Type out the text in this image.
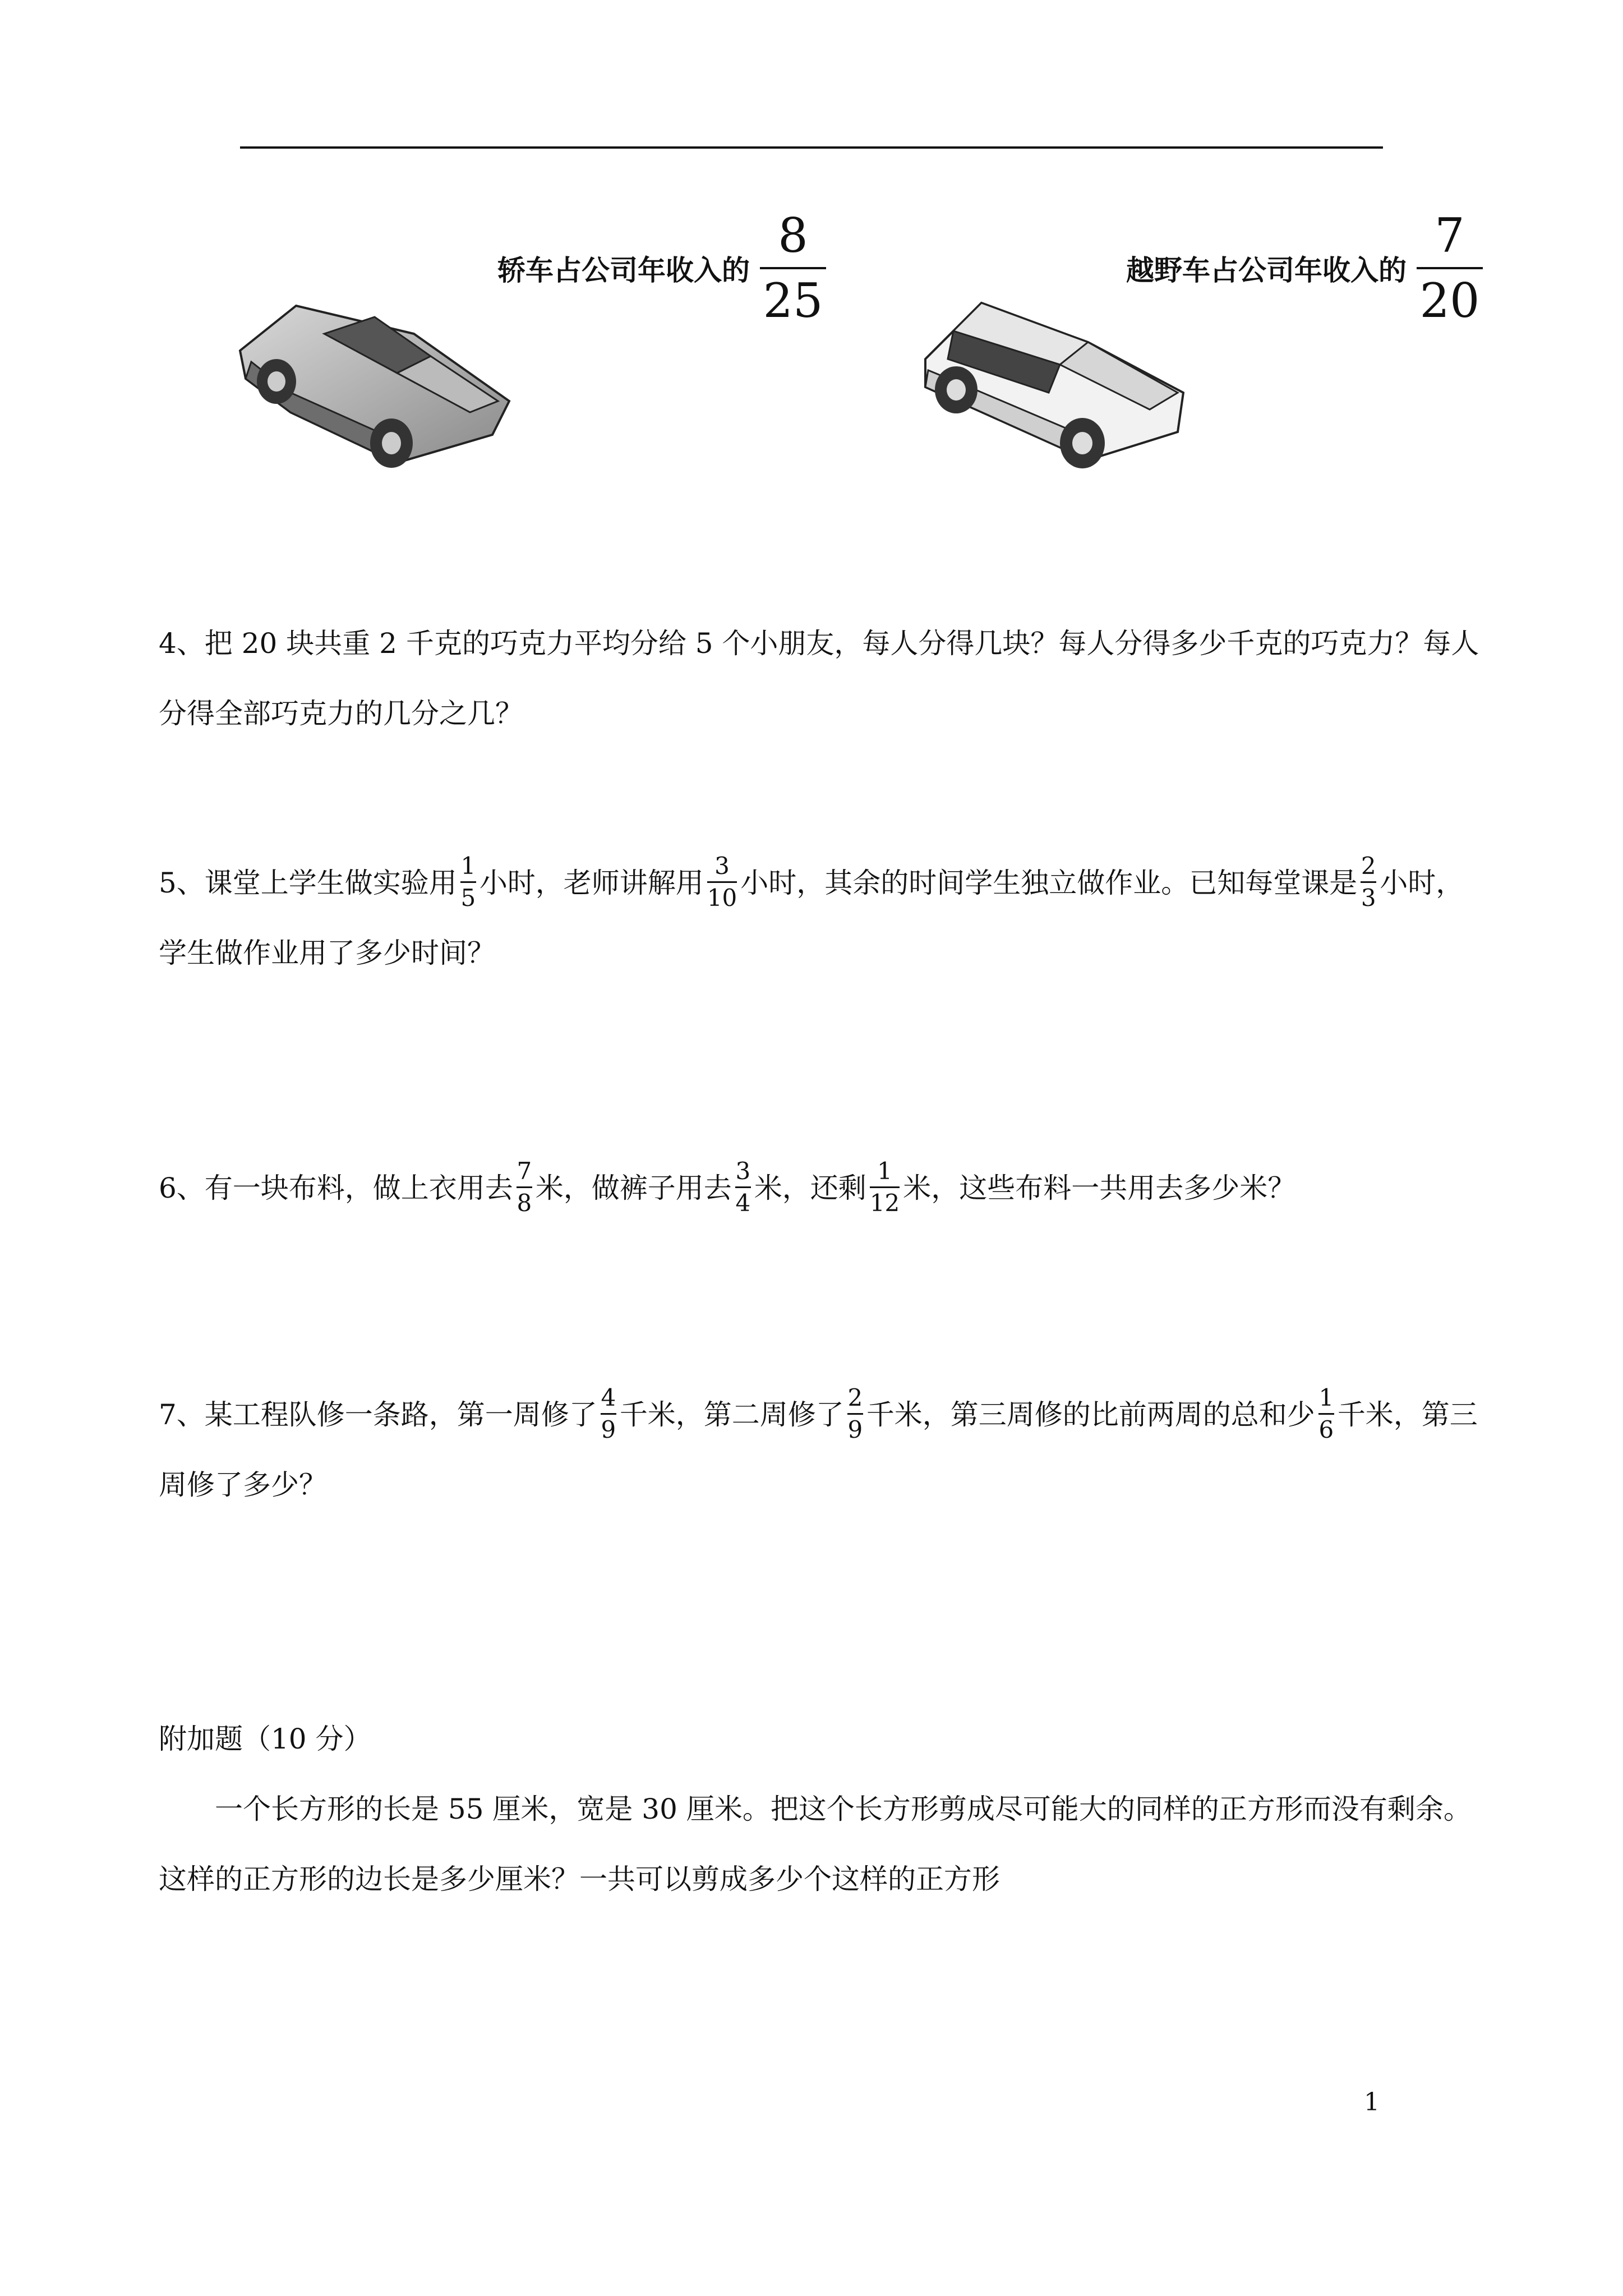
轿车占公司年收入的 $\frac{8}{25}$	越野车占公司年收入的 $\frac{7}{20}$

4、把 20 块共重 2 千克的巧克力平均分给 5 个小朋友，每人分得几块？每人分得多少千克的巧克力？每人

分得全部巧克力的几分之几？

5、课堂上学生做实验用 $\frac{1}{5}$ 小时，老师讲解用 $\frac{3}{10}$ 小时，其余的时间学生独立做作业。已知每堂课是 $\frac{2}{3}$ 小时，

学生做作业用了多少时间？

6、有一块布料，做上衣用去 $\frac{7}{8}$ 米，做裤子用去 $\frac{3}{4}$ 米，还剩 $\frac{1}{12}$ 米，这些布料一共用去多少米？

7、某工程队修一条路，第一周修了 $\frac{4}{9}$ 千米，第二周修了 $\frac{2}{9}$ 千米，第三周修的比前两周的总和少 $\frac{1}{6}$ 千米，第三

周修了多少？

附加题（10 分）

一个长方形的长是 55 厘米，宽是 30 厘米。把这个长方形剪成尽可能大的同样的正方形而没有剩余。

这样的正方形的边长是多少厘米？一共可以剪成多少个这样的正方形

1
